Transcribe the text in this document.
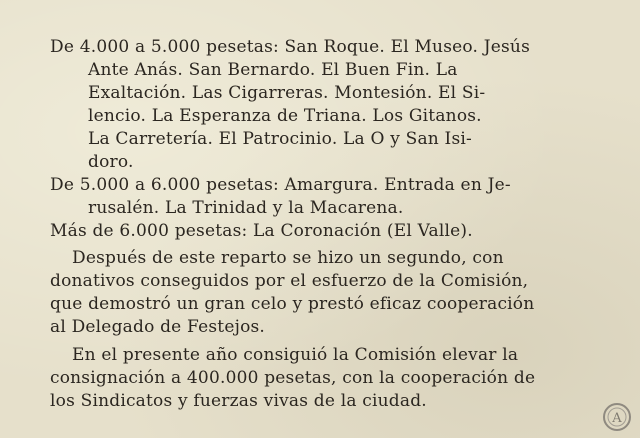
De 4.000 a 5.000 pesetas: San Roque. El Museo. Jesús
Ante Anás. San Bernardo. El Buen Fin. La
Exaltación. Las Cigarreras. Montesión. El Si-
lencio. La Esperanza de Triana. Los Gitanos.
La Carretería. El Patrocinio. La O y San Isi-
doro.
De 5.000 a 6.000 pesetas: Amargura. Entrada en Je-
rusalén. La Trinidad y la Macarena.
Más de 6.000 pesetas: La Coronación (El Valle).
Después de este reparto se hizo un segundo, con
donativos conseguidos por el esfuerzo de la Comisión,
que demostró un gran celo y prestó eficaz cooperación
al Delegado de Festejos.
En el presente año consiguió la Comisión elevar la
consignación a 400.000 pesetas, con la cooperación de
los Sindicatos y fuerzas vivas de la ciudad.
A
